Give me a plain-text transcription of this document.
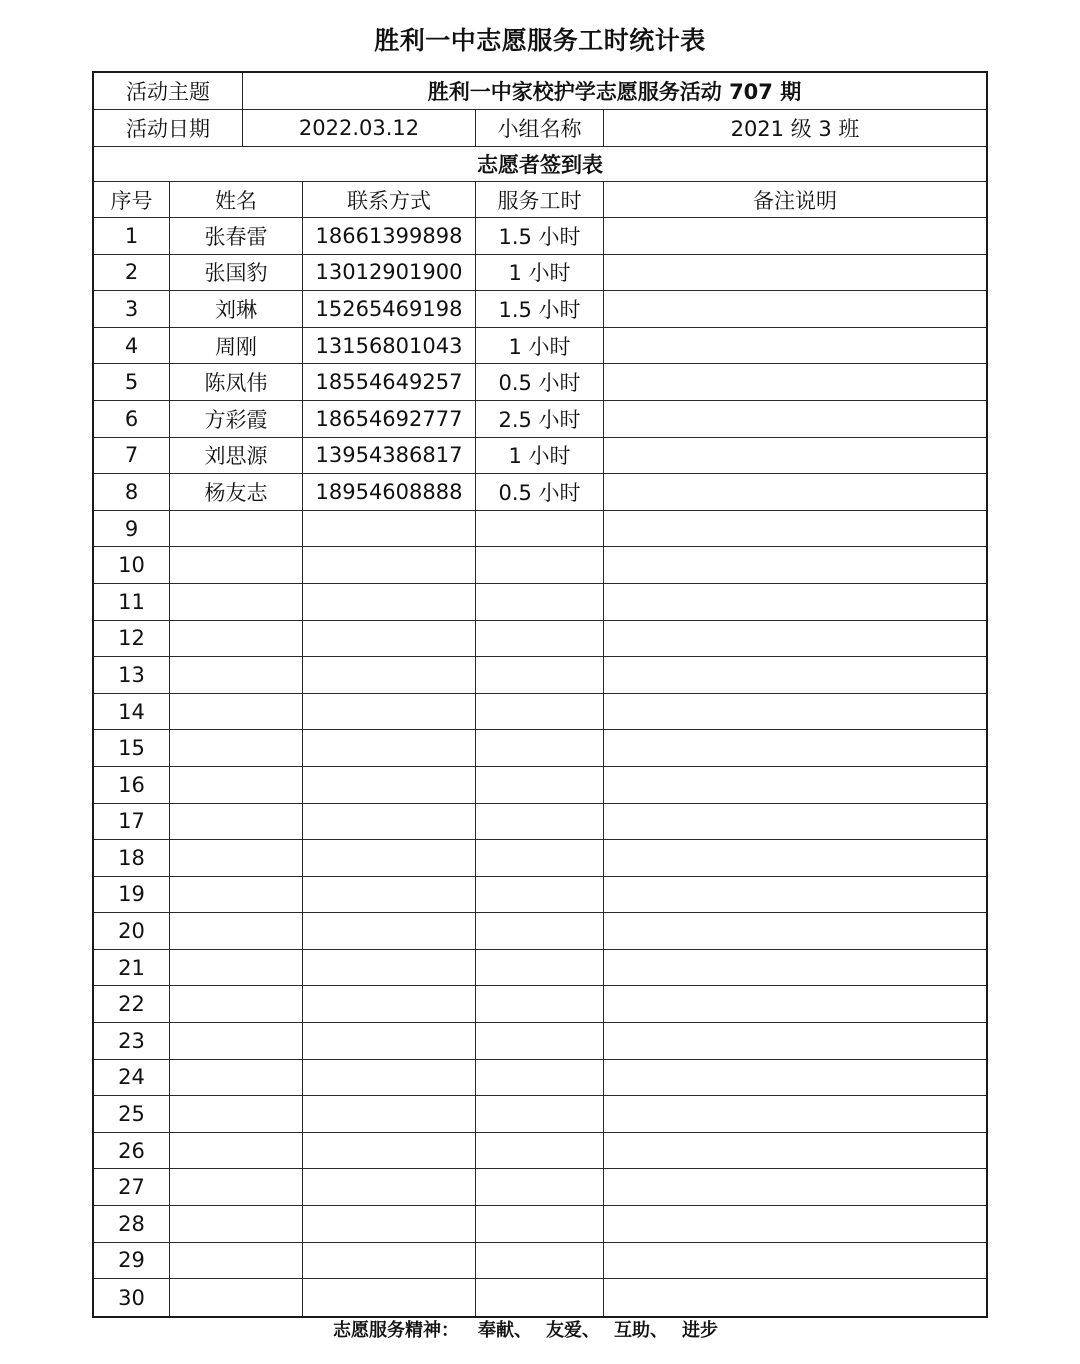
胜利一中志愿服务工时统计表
活动主题	胜利一中家校护学志愿服务活动 707 期
活动日期	2022.03.12	小组名称	2021 级 3 班
志愿者签到表
序号	姓名	联系方式	服务工时	备注说明
1	张春雷	18661399898	1.5 小时
2	张国豹	13012901900	1 小时
3	刘琳	15265469198	1.5 小时
4	周刚	13156801043	1 小时
5	陈凤伟	18554649257	0.5 小时
6	方彩霞	18654692777	2.5 小时
7	刘思源	13954386817	1 小时
8	杨友志	18954608888	0.5 小时
9
10
11
12
13
14
15
16
17
18
19
20
21
22
23
24
25
26
27
28
29
30
志愿服务精神： 奉献、 友爱、 互助、 进步
